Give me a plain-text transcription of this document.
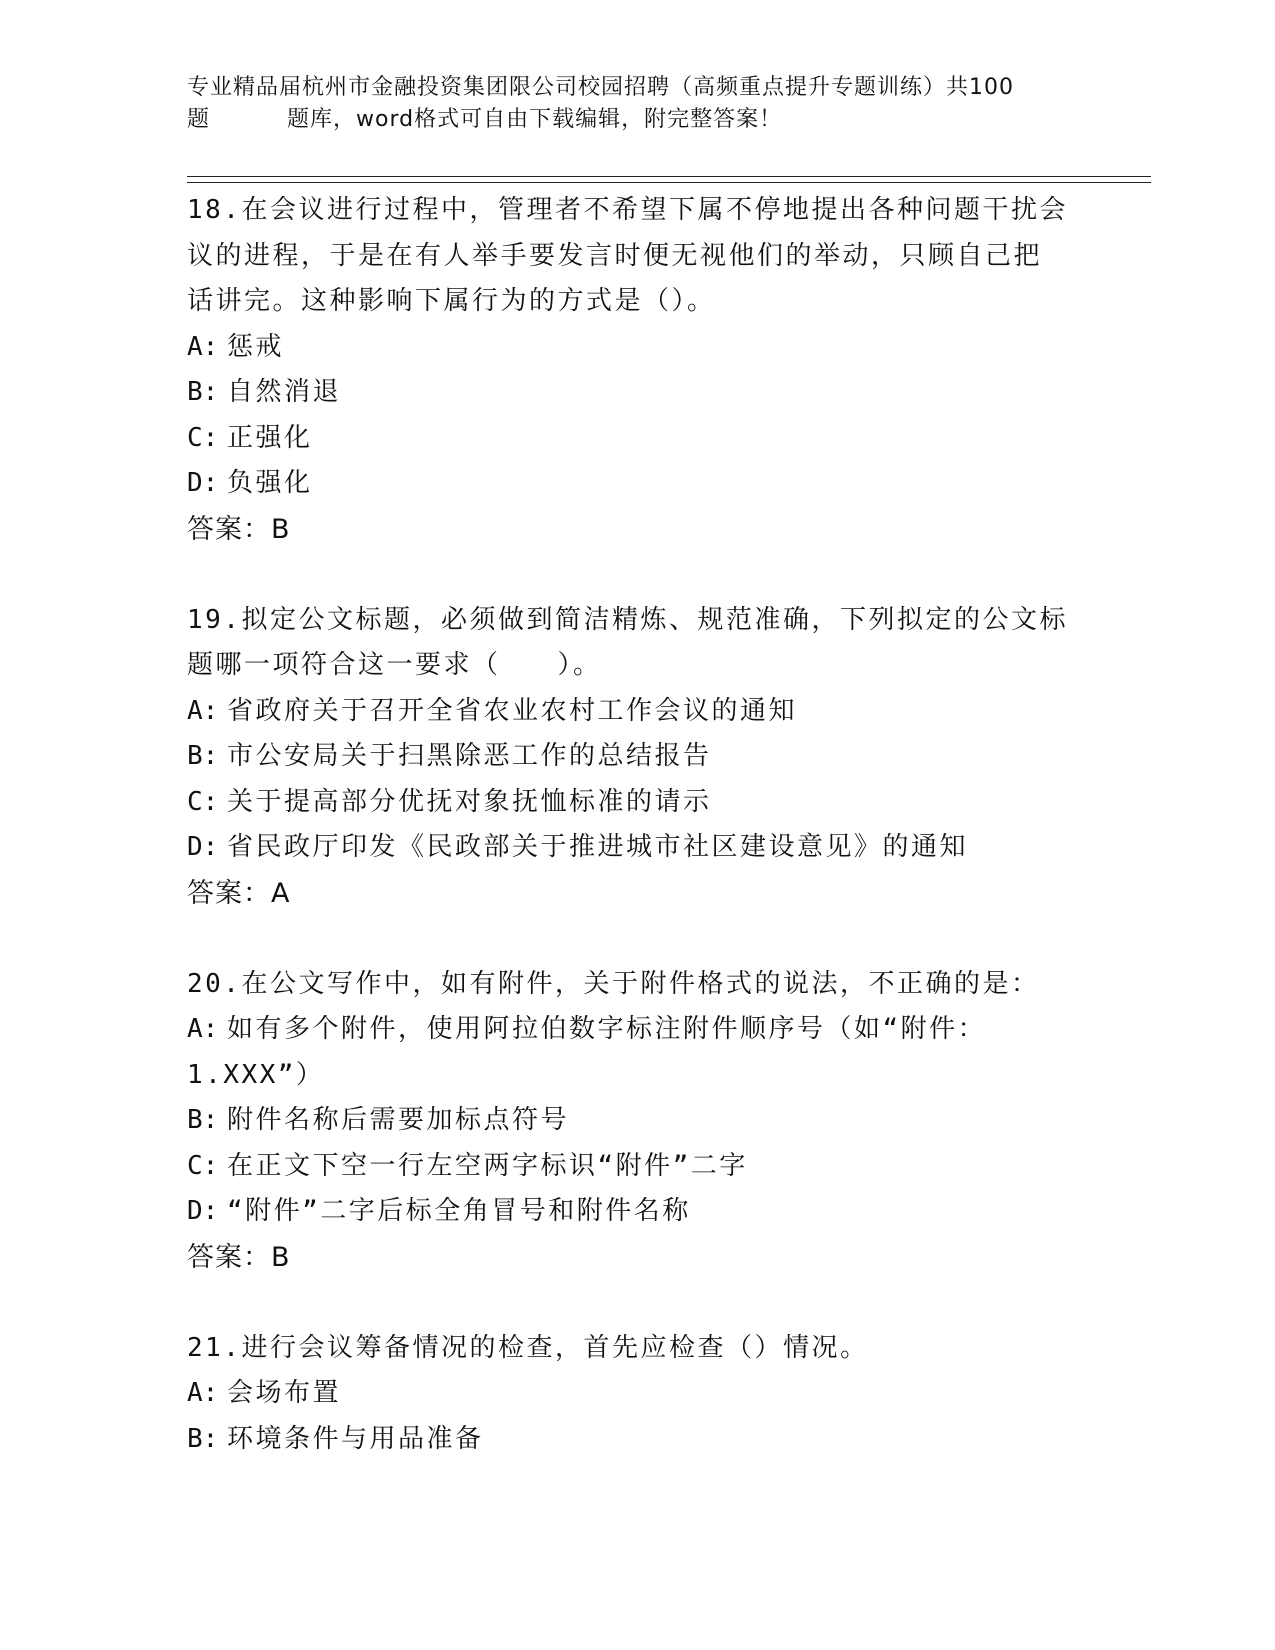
专业精品届杭州市金融投资集团限公司校园招聘（高频重点提升专题训练）共100
题	题库，word格式可自由下载编辑，附完整答案！

18.在会议进行过程中，管理者不希望下属不停地提出各种问题干扰会

议的进程，于是在有人举手要发言时便无视他们的举动，只顾自己把

话讲完。这种影响下属行为的方式是（）。

A: 惩戒

B: 自然消退

C: 正强化

D: 负强化

答案：B

19.拟定公文标题，必须做到简洁精炼、规范准确，下列拟定的公文标

题哪一项符合这一要求（　　）。

A: 省政府关于召开全省农业农村工作会议的通知

B: 市公安局关于扫黑除恶工作的总结报告

C: 关于提高部分优抚对象抚恤标准的请示

D: 省民政厅印发《民政部关于推进城市社区建设意见》的通知

答案：A

20.在公文写作中，如有附件，关于附件格式的说法，不正确的是：

A: 如有多个附件，使用阿拉伯数字标注附件顺序号（如“附件：

1.XXX”）

B: 附件名称后需要加标点符号

C: 在正文下空一行左空两字标识“附件”二字

D: “附件”二字后标全角冒号和附件名称

答案：B

21.进行会议筹备情况的检查，首先应检查（）情况。

A: 会场布置

B: 环境条件与用品准备
